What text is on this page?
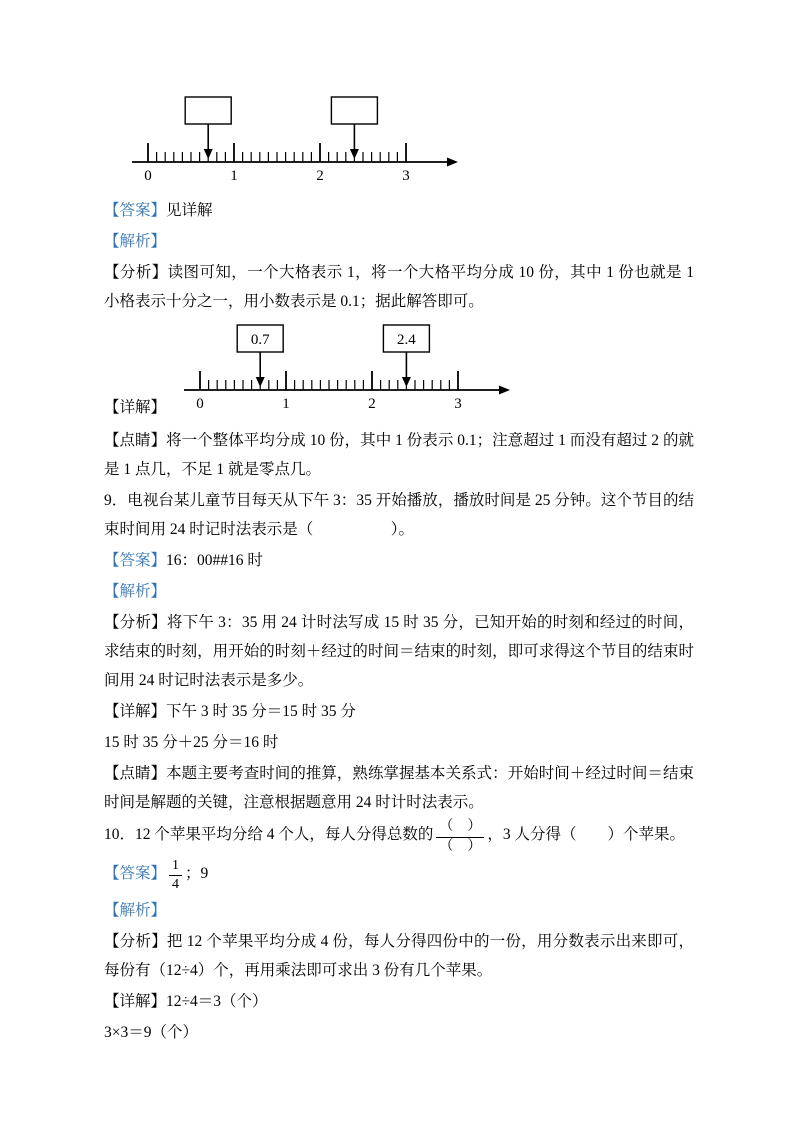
0	1	2	3

【答案】见详解

【解析】

【分析】读图可知，一个大格表示 1，将一个大格平均分成 10 份，其中 1 份也就是 1 小格表示十分之一，用小数表示是 0.1；据此解答即可。

【详解】 0	1	2	3
0.7	2.4

【点睛】将一个整体平均分成 10 份，其中 1 份表示 0.1；注意超过 1 而没有超过 2 的就是 1 点几，不足 1 就是零点几。

9．电视台某儿童节目每天从下午 3：35 开始播放，播放时间是 25 分钟。这个节目的结束时间用 24 时记时法表示是（　　　　　）。

【答案】16：00##16 时

【解析】

【分析】将下午 3：35 用 24 计时法写成 15 时 35 分，已知开始的时刻和经过的时间，求结束的时刻，用开始的时刻＋经过的时间＝结束的时刻，即可求得这个节目的结束时间用 24 时记时法表示是多少。

【详解】下午 3 时 35 分＝15 时 35 分

15 时 35 分＋25 分＝16 时

【点睛】本题主要考查时间的推算，熟练掌握基本关系式：开始时间＋经过时间＝结束时间是解题的关键，注意根据题意用 24 时计时法表示。

10．12 个苹果平均分给 4 个人，每人分得总数的 $\frac{( )}{( )}$ ，3 人分得（　　）个苹果。

【答案】 $\frac{1}{4}$ ；9

【解析】

【分析】把 12 个苹果平均分成 4 份，每人分得四份中的一份，用分数表示出来即可，每份有（12÷4）个，再用乘法即可求出 3 份有几个苹果。

【详解】12÷4＝3（个）

3×3＝9（个）
